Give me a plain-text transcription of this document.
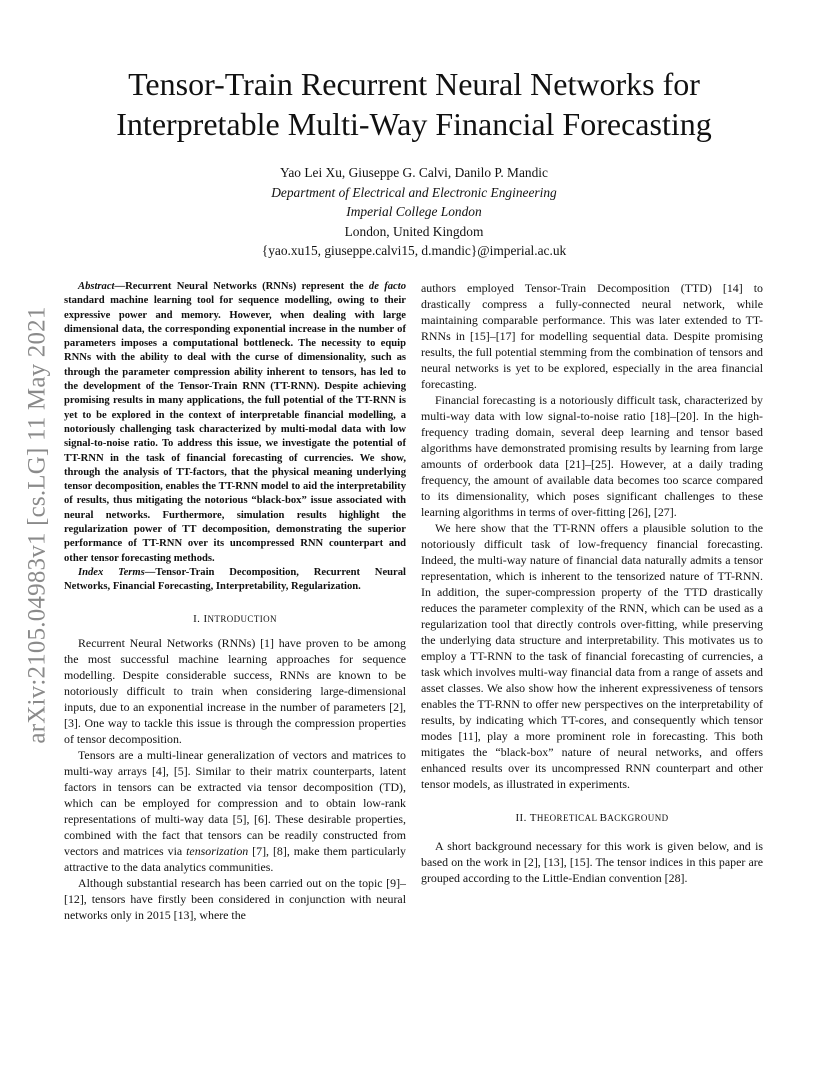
arXiv:2105.04983v1 [cs.LG] 11 May 2021
Tensor-Train Recurrent Neural Networks for
Interpretable Multi-Way Financial Forecasting
Yao Lei Xu, Giuseppe G. Calvi, Danilo P. Mandic
Department of Electrical and Electronic Engineering
Imperial College London
London, United Kingdom
{yao.xu15, giuseppe.calvi15, d.mandic}@imperial.ac.uk

Abstract—Recurrent Neural Networks (RNNs) represent the de facto standard machine learning tool for sequence modelling, owing to their expressive power and memory. However, when dealing with large dimensional data, the corresponding exponential increase in the number of parameters imposes a computational bottleneck. The necessity to equip RNNs with the ability to deal with the curse of dimensionality, such as through the parameter compression ability inherent to tensors, has led to the development of the Tensor-Train RNN (TT-RNN). Despite achieving promising results in many applications, the full potential of the TT-RNN is yet to be explored in the context of interpretable financial modelling, a notoriously challenging task characterized by multi-modal data with low signal-to-noise ratio. To address this issue, we investigate the potential of TT-RNN in the task of financial forecasting of currencies. We show, through the analysis of TT-factors, that the physical meaning underlying tensor decomposition, enables the TT-RNN model to aid the interpretability of results, thus mitigating the notorious “black-box” issue associated with neural networks. Furthermore, simulation results highlight the regularization power of TT decomposition, demonstrating the superior performance of TT-RNN over its uncompressed RNN counterpart and other tensor forecasting methods.

Index Terms—Tensor-Train Decomposition, Recurrent Neural Networks, Financial Forecasting, Interpretability, Regularization.

I. INTRODUCTION

Recurrent Neural Networks (RNNs) [1] have proven to be among the most successful machine learning approaches for sequence modelling. Despite considerable success, RNNs are known to be notoriously difficult to train when considering large-dimensional inputs, due to an exponential increase in the number of parameters [2], [3]. One way to tackle this issue is through the compression properties of tensor decomposition.

Tensors are a multi-linear generalization of vectors and matrices to multi-way arrays [4], [5]. Similar to their matrix counterparts, latent factors in tensors can be extracted via tensor decomposition (TD), which can be employed for compression and to obtain low-rank representations of multi-way data [5], [6]. These desirable properties, combined with the fact that tensors can be readily constructed from vectors and matrices via tensorization [7], [8], make them particularly attractive to the data analytics communities.

Although substantial research has been carried out on the topic [9]–[12], tensors have firstly been considered in conjunction with neural networks only in 2015 [13], where the

authors employed Tensor-Train Decomposition (TTD) [14] to drastically compress a fully-connected neural network, while maintaining comparable performance. This was later extended to TT-RNNs in [15]–[17] for modelling sequential data. Despite promising results, the full potential stemming from the combination of tensors and neural networks is yet to be explored, especially in the area financial forecasting.

Financial forecasting is a notoriously difficult task, characterized by multi-way data with low signal-to-noise ratio [18]–[20]. In the high-frequency trading domain, several deep learning and tensor based algorithms have demonstrated promising results by learning from large amounts of orderbook data [21]–[25]. However, at a daily trading frequency, the amount of available data becomes too scarce compared to its dimensionality, which poses significant challenges to these learning algorithms in terms of over-fitting [26], [27].

We here show that the TT-RNN offers a plausible solution to the notoriously difficult task of low-frequency financial forecasting. Indeed, the multi-way nature of financial data naturally admits a tensor representation, which is inherent to the tensorized nature of TT-RNN. In addition, the super-compression property of the TTD drastically reduces the parameter complexity of the RNN, which can be used as a regularization tool that directly controls over-fitting, while preserving the underlying data structure and interpretability. This motivates us to employ a TT-RNN to the task of financial forecasting of currencies, a task which involves multi-way financial data from a range of assets and asset classes. We also show how the inherent expressiveness of tensors enables the TT-RNN to offer new perspectives on the interpretability of results, by indicating which TT-cores, and consequently which tensor modes [11], play a more prominent role in forecasting. This both mitigates the “black-box” nature of neural networks, and offers enhanced results over its uncompressed RNN counterpart and other tensor models, as illustrated in experiments.

II. THEORETICAL BACKGROUND

A short background necessary for this work is given below, and is based on the work in [2], [13], [15]. The tensor indices in this paper are grouped according to the Little-Endian convention [28].
